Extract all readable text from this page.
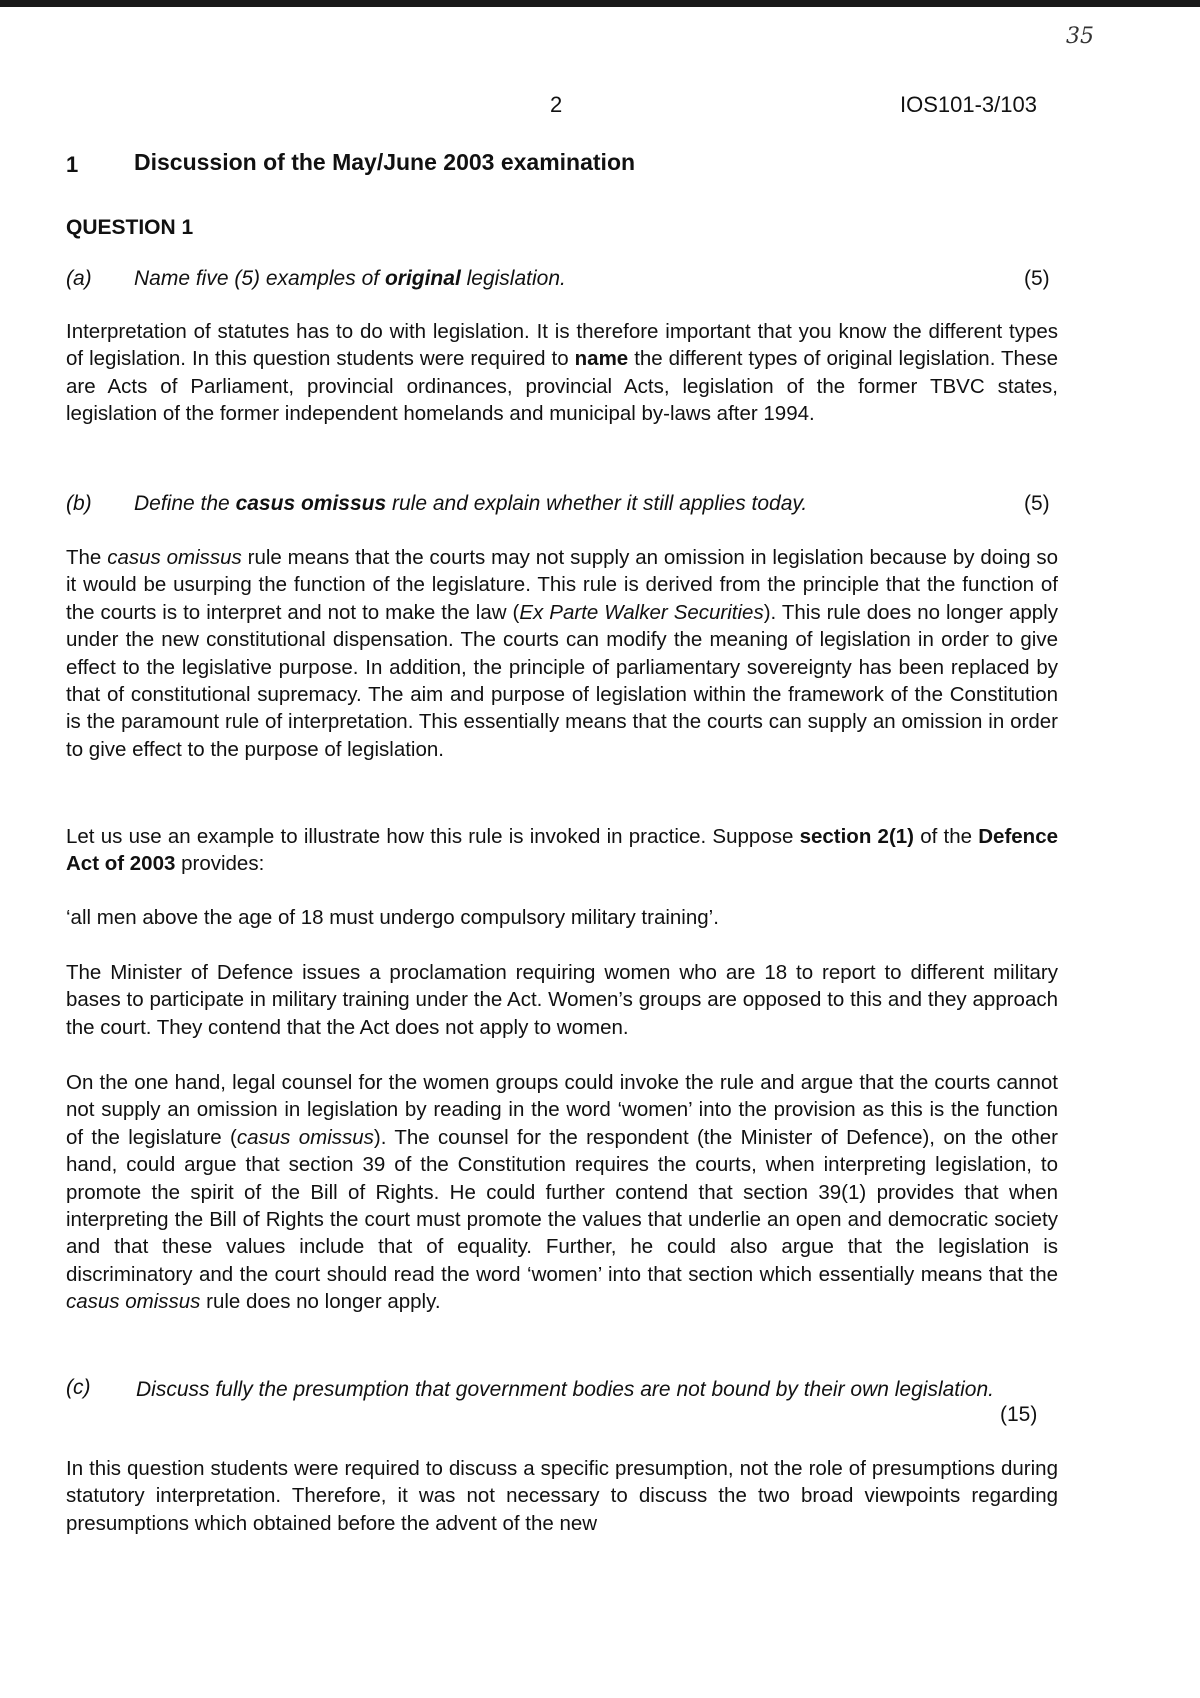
35
2	IOS101-3/103
1 Discussion of the May/June 2003 examination
QUESTION 1
(a) Name five (5) examples of original legislation.	(5)

Interpretation of statutes has to do with legislation. It is therefore important that you know the different types of legislation. In this question students were required to name the different types of original legislation. These are Acts of Parliament, provincial ordinances, provincial Acts, legislation of the former TBVC states, legislation of the former independent homelands and municipal by-laws after 1994.

(b) Define the casus omissus rule and explain whether it still applies today.	(5)

The casus omissus rule means that the courts may not supply an omission in legislation because by doing so it would be usurping the function of the legislature. This rule is derived from the principle that the function of the courts is to interpret and not to make the law (Ex Parte Walker Securities). This rule does no longer apply under the new constitutional dispensation. The courts can modify the meaning of legislation in order to give effect to the legislative purpose. In addition, the principle of parliamentary sovereignty has been replaced by that of constitutional supremacy. The aim and purpose of legislation within the framework of the Constitution is the paramount rule of interpretation. This essentially means that the courts can supply an omission in order to give effect to the purpose of legislation.

Let us use an example to illustrate how this rule is invoked in practice. Suppose section 2(1) of the Defence Act of 2003 provides:

‘all men above the age of 18 must undergo compulsory military training’.

The Minister of Defence issues a proclamation requiring women who are 18 to report to different military bases to participate in military training under the Act. Women’s groups are opposed to this and they approach the court. They contend that the Act does not apply to women.

On the one hand, legal counsel for the women groups could invoke the rule and argue that the courts cannot not supply an omission in legislation by reading in the word ‘women’ into the provision as this is the function of the legislature (casus omissus). The counsel for the respondent (the Minister of Defence), on the other hand, could argue that section 39 of the Constitution requires the courts, when interpreting legislation, to promote the spirit of the Bill of Rights. He could further contend that section 39(1) provides that when interpreting the Bill of Rights the court must promote the values that underlie an open and democratic society and that these values include that of equality. Further, he could also argue that the legislation is discriminatory and the court should read the word ‘women’ into that section which essentially means that the casus omissus rule does no longer apply.

(c) Discuss fully the presumption that government bodies are not bound by their own legislation.
(15)

In this question students were required to discuss a specific presumption, not the role of presumptions during statutory interpretation. Therefore, it was not necessary to discuss the two broad viewpoints regarding presumptions which obtained before the advent of the new
